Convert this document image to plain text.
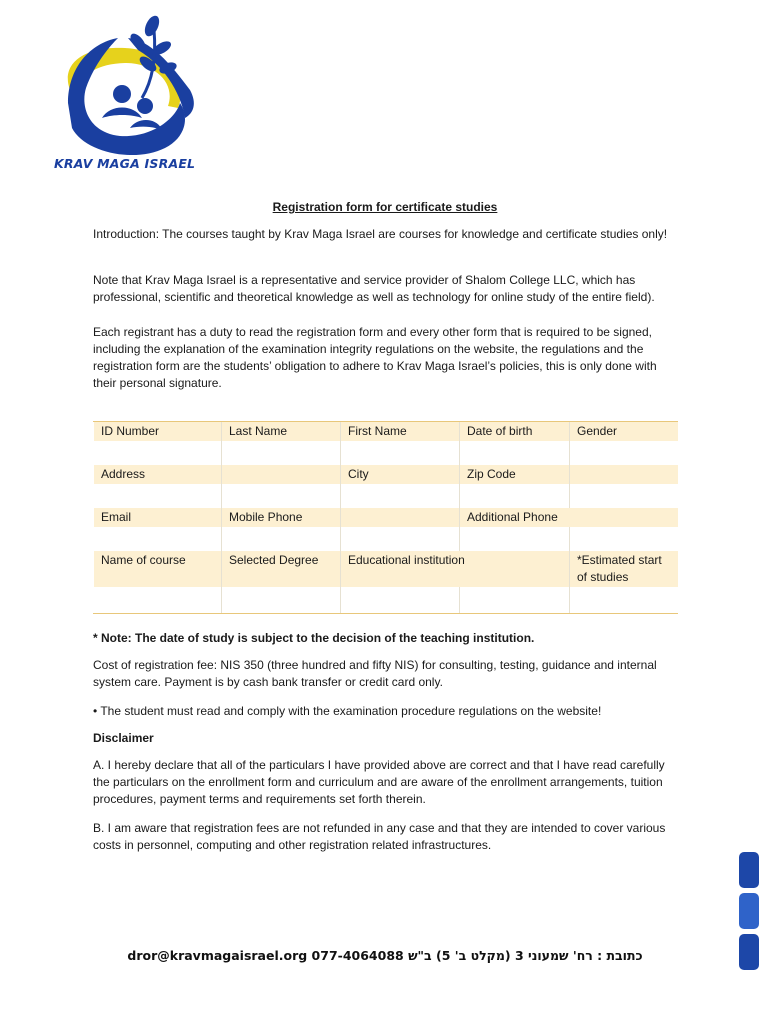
KRAV MAGA ISRAEL
Registration form for certificate studies

Introduction: The courses taught by Krav Maga Israel are courses for knowledge and certificate studies only!

Note that Krav Maga Israel is a representative and service provider of Shalom College LLC, which has professional, scientific and theoretical knowledge as well as technology for online study of the entire field).

Each registrant has a duty to read the registration form and every other form that is required to be signed, including the explanation of the examination integrity regulations on the website, the regulations and the registration form are the students’ obligation to adhere to Krav Maga Israel’s policies, this is only done with their personal signature.

ID Number	Last Name	First Name	Date of birth	Gender

Address		City	Zip Code	

Email	Mobile Phone		Additional Phone	

Name of course	Selected Degree	Educational institution		*Estimated start of studies

* Note: The date of study is subject to the decision of the teaching institution.

Cost of registration fee: NIS 350 (three hundred and fifty NIS) for consulting, testing, guidance and internal system care. Payment is by cash bank transfer or credit card only.

• The student must read and comply with the examination procedure regulations on the website!

Disclaimer

A. I hereby declare that all of the particulars I have provided above are correct and that I have read carefully the particulars on the enrollment form and curriculum and are aware of the enrollment arrangements, tuition procedures, payment terms and requirements set forth therein.

B. I am aware that registration fees are not refunded in any case and that they are intended to cover various costs in personnel, computing and other registration related infrastructures.

dror@kravmagaisrael.org 077-4064088 כתובת : רח' שמעוני 3 (מקלט ב' 5) ב"ש
